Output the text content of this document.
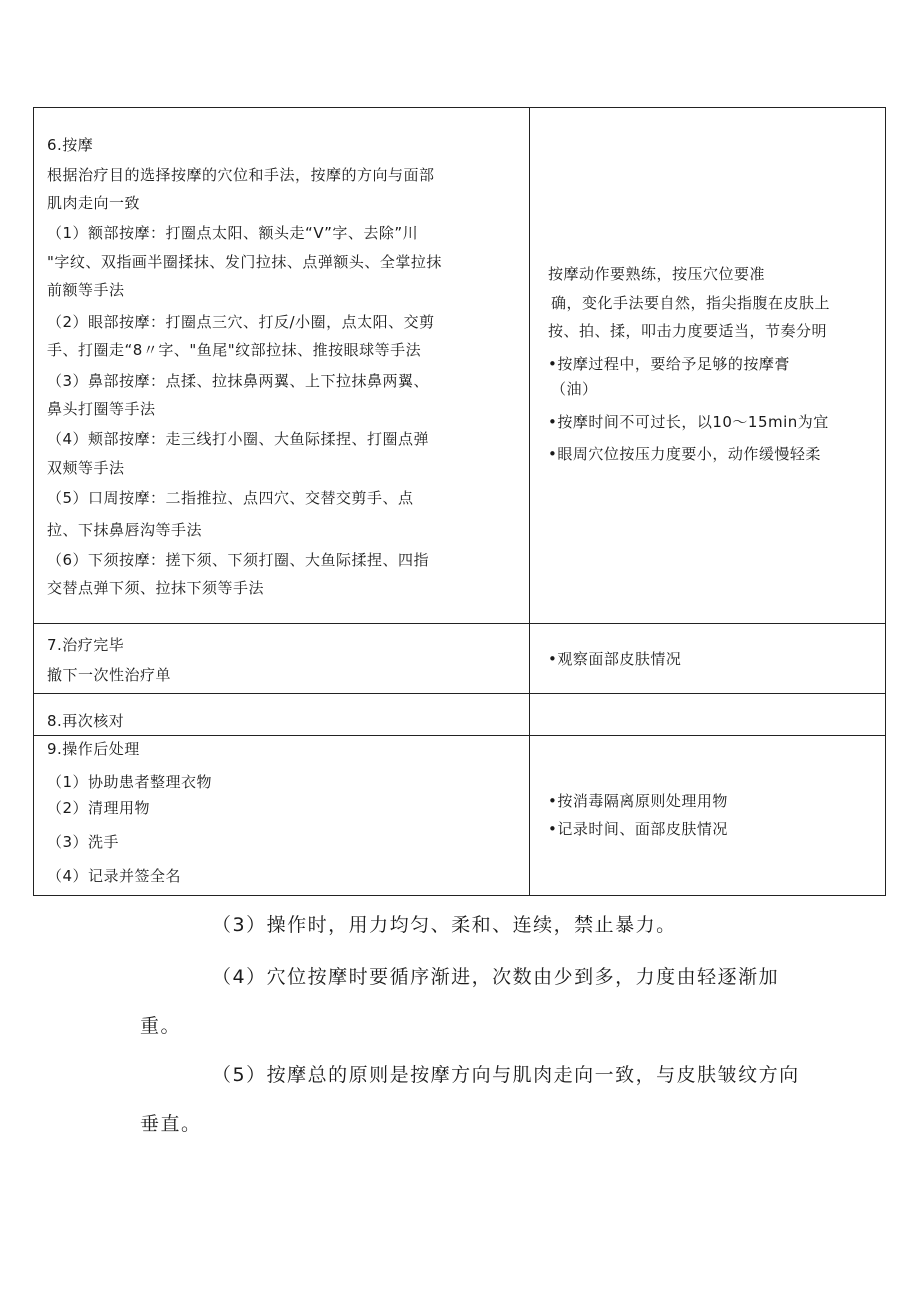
6.按摩
根据治疗目的选择按摩的穴位和手法，按摩的方向与面部
肌肉走向一致
（1）额部按摩：打圈点太阳、额头走“V”字、去除”川
"字纹、双指画半圈揉抹、发门拉抹、点弹额头、全掌拉抹
前额等手法
（2）眼部按摩：打圈点三穴、打反/小圈，点太阳、交剪
手、打圈走“8〃字、"鱼尾"纹部拉抹、推按眼球等手法
（3）鼻部按摩：点揉、拉抹鼻两翼、上下拉抹鼻两翼、
鼻头打圈等手法
（4）颊部按摩：走三线打小圈、大鱼际揉捏、打圈点弹
双颊等手法
（5）口周按摩：二指推拉、点四穴、交替交剪手、点
拉、下抹鼻唇沟等手法
（6）下须按摩：搓下须、下须打圈、大鱼际揉捏、四指
交替点弹下须、拉抹下须等手法
按摩动作要熟练，按压穴位要准
确，变化手法要自然，指尖指腹在皮肤上
按、拍、揉，叩击力度要适当，节奏分明
•按摩过程中，要给予足够的按摩膏
（油）
•按摩时间不可过长，以10～15min为宜
•眼周穴位按压力度要小，动作缓慢轻柔
7.治疗完毕
撤下一次性治疗单
•观察面部皮肤情况
8.再次核对
9.操作后处理
（1）协助患者整理衣物
（2）清理用物
（3）洗手
（4）记录并签全名
•按消毒隔离原则处理用物
•记录时间、面部皮肤情况
（3）操作时，用力均匀、柔和、连续，禁止暴力。
（4）穴位按摩时要循序渐进，次数由少到多，力度由轻逐渐加
重。
（5）按摩总的原则是按摩方向与肌肉走向一致，与皮肤皱纹方向
垂直。
